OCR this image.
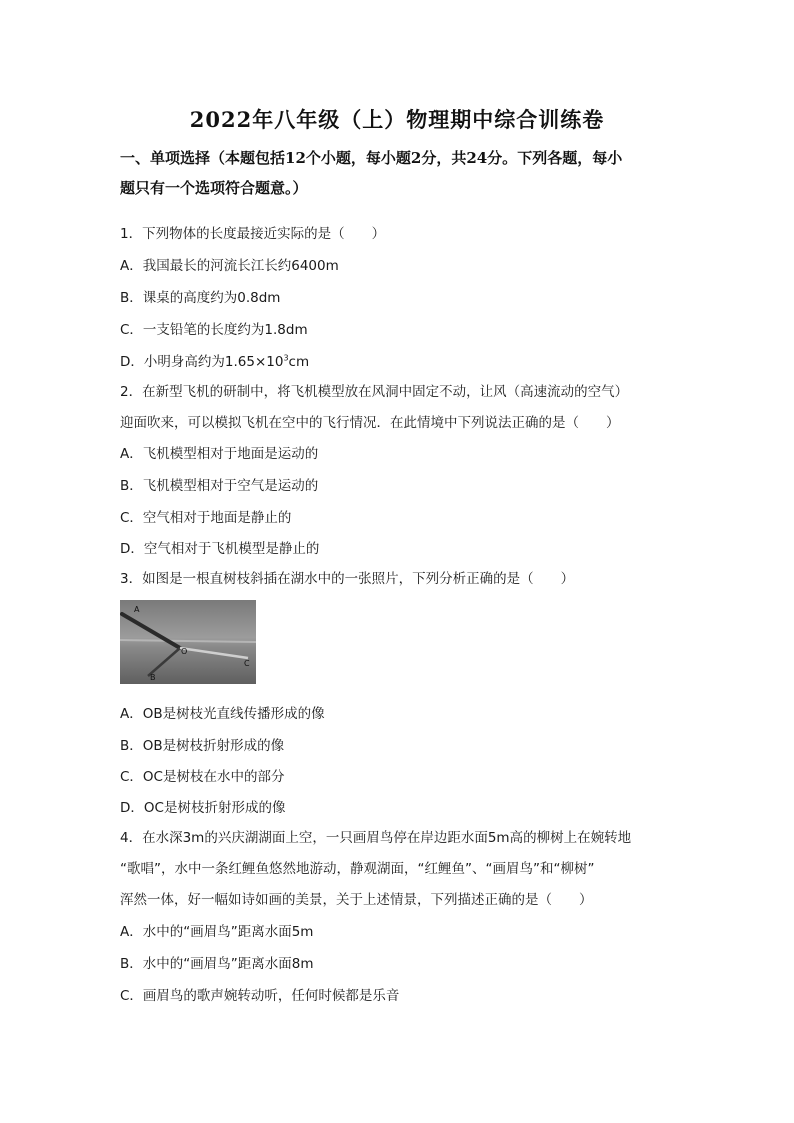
2022年八年级（上）物理期中综合训练卷
一、单项选择（本题包括12个小题，每小题2分，共24分。下列各题，每小
题只有一个选项符合题意。）
1．下列物体的长度最接近实际的是（　　）
A．我国最长的河流长江长约6400m
B．课桌的高度约为0.8dm
C．一支铅笔的长度约为1.8dm
D．小明身高约为$1.65\times 10^3cm$
2．在新型飞机的研制中，将飞机模型放在风洞中固定不动，让风（高速流动的空气）
迎面吹来，可以模拟飞机在空中的飞行情况．在此情境中下列说法正确的是（　　）
A．飞机模型相对于地面是运动的
B．飞机模型相对于空气是运动的
C．空气相对于地面是静止的
D．空气相对于飞机模型是静止的
3．如图是一根直树枝斜插在湖水中的一张照片，下列分析正确的是（　　）
A
O
B
C
A．OB是树枝光直线传播形成的像
B．OB是树枝折射形成的像
C．OC是树枝在水中的部分
D．OC是树枝折射形成的像
4．在水深3m的兴庆湖湖面上空，一只画眉鸟停在岸边距水面5m高的柳树上在婉转地
“歌唱”，水中一条红鲤鱼悠然地游动，静观湖面，“红鲤鱼”、“画眉鸟”和“柳树”
浑然一体，好一幅如诗如画的美景，关于上述情景，下列描述正确的是（　　）
A．水中的“画眉鸟”距离水面5m
B．水中的“画眉鸟”距离水面8m
C．画眉鸟的歌声婉转动听，任何时候都是乐音
